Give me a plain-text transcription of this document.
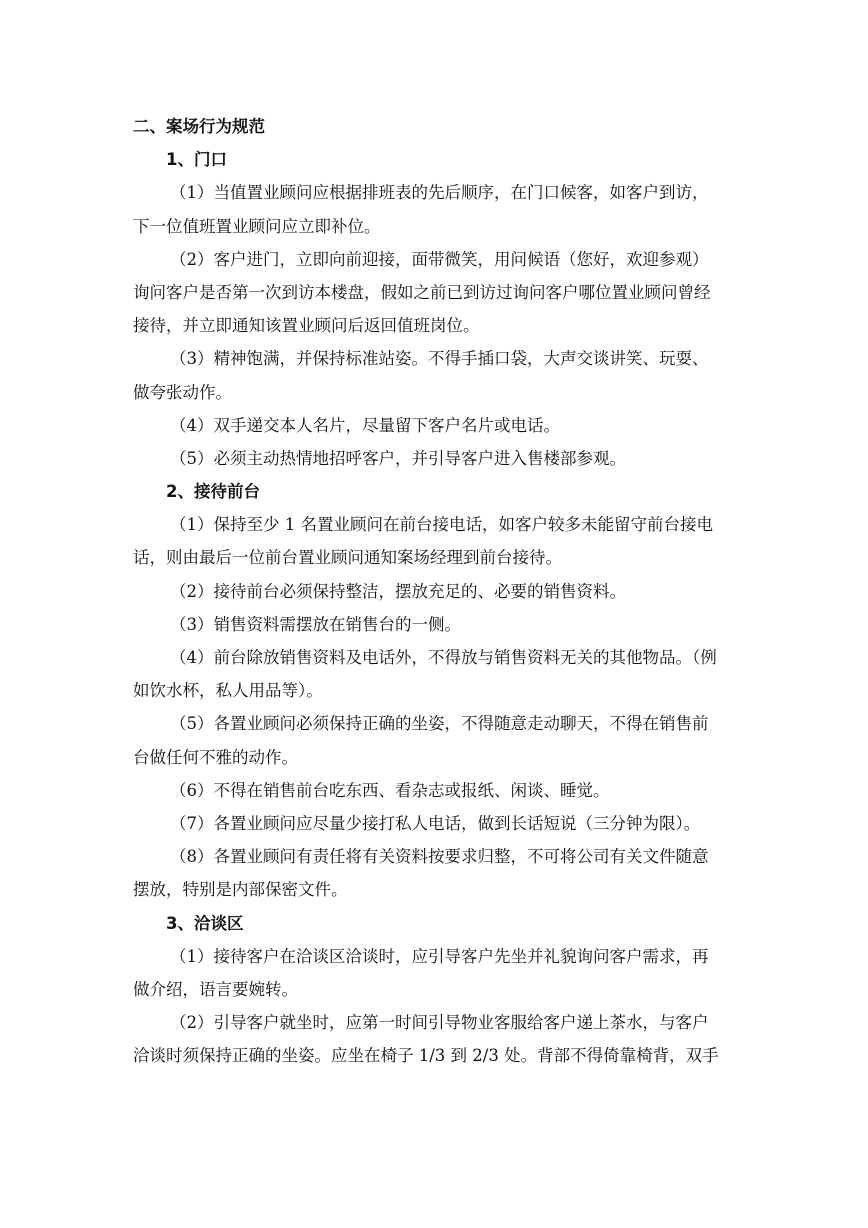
二、案场行为规范
1、门口
（1）当值置业顾问应根据排班表的先后顺序，在门口候客，如客户到访，
下一位值班置业顾问应立即补位。
（2）客户进门，立即向前迎接，面带微笑，用问候语（您好，欢迎参观）
询问客户是否第一次到访本楼盘，假如之前已到访过询问客户哪位置业顾问曾经
接待，并立即通知该置业顾问后返回值班岗位。
（3）精神饱满，并保持标准站姿。不得手插口袋，大声交谈讲笑、玩耍、
做夸张动作。
（4）双手递交本人名片，尽量留下客户名片或电话。
（5）必须主动热情地招呼客户，并引导客户进入售楼部参观。
2、接待前台
（1）保持至少 1 名置业顾问在前台接电话，如客户较多未能留守前台接电
话，则由最后一位前台置业顾问通知案场经理到前台接待。
（2）接待前台必须保持整洁，摆放充足的、必要的销售资料。
（3）销售资料需摆放在销售台的一侧。
（4）前台除放销售资料及电话外，不得放与销售资料无关的其他物品。（例
如饮水杯，私人用品等）。
（5）各置业顾问必须保持正确的坐姿，不得随意走动聊天，不得在销售前
台做任何不雅的动作。
（6）不得在销售前台吃东西、看杂志或报纸、闲谈、睡觉。
（7）各置业顾问应尽量少接打私人电话，做到长话短说（三分钟为限）。
（8）各置业顾问有责任将有关资料按要求归整，不可将公司有关文件随意
摆放，特别是内部保密文件。
3、洽谈区
（1）接待客户在洽谈区洽谈时，应引导客户先坐并礼貌询问客户需求，再
做介绍，语言要婉转。
（2）引导客户就坐时，应第一时间引导物业客服给客户递上茶水，与客户
洽谈时须保持正确的坐姿。应坐在椅子 1/3 到 2/3 处。背部不得倚靠椅背，双手
